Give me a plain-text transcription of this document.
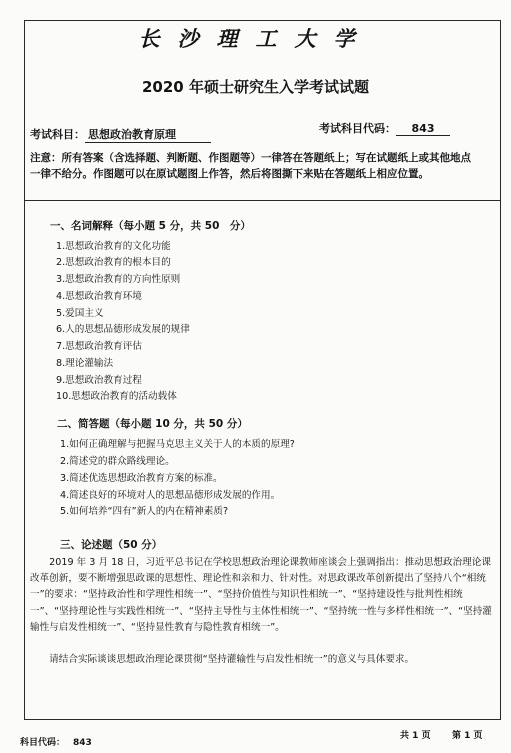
长沙理工大学
2020 年硕士研究生入学考试试题
考试科目： 思想政治教育原理	考试科目代码： 843
注意：所有答案（含选择题、判断题、作图题等）一律答在答题纸上；写在试题纸上或其他地点一律不给分。作图题可以在原试题图上作答，然后将图撕下来贴在答题纸上相应位置。
一、名词解释（每小题 5 分，共 50　分）
1.思想政治教育的文化功能
2.思想政治教育的根本目的
3.思想政治教育的方向性原则
4.思想政治教育环境
5.爱国主义
6.人的思想品德形成发展的规律
7.思想政治教育评估
8.理论灌输法
9.思想政治教育过程
10.思想政治教育的活动载体
二、简答题（每小题 10 分，共 50 分）
1.如何正确理解与把握马克思主义关于人的本质的原理?
2.简述党的群众路线理论。
3.简述优选思想政治教育方案的标准。
4.简述良好的环境对人的思想品德形成发展的作用。
5.如何培养“四有”新人的内在精神素质?
三、论述题（50 分）
　　2019 年 3 月 18 日，习近平总书记在学校思想政治理论课教师座谈会上强调指出：推动思想政治理论课改革创新，要不断增强思政课的思想性、理论性和亲和力、针对性。对思政课改革创新提出了坚持八个“相统一”的要求：“坚持政治性和学理性相统一”、“坚持价值性与知识性相统一”、“坚持建设性与批判性相统一”、“坚持理论性与实践性相统一”、“坚持主导性与主体性相统一”、“坚持统一性与多样性相统一”、“坚持灌输性与启发性相统一”、“坚持显性教育与隐性教育相统一”。
　　请结合实际谈谈思想政治理论课贯彻“坚持灌输性与启发性相统一”的意义与具体要求。
科目代码： 843
共 1 页 第 1 页
